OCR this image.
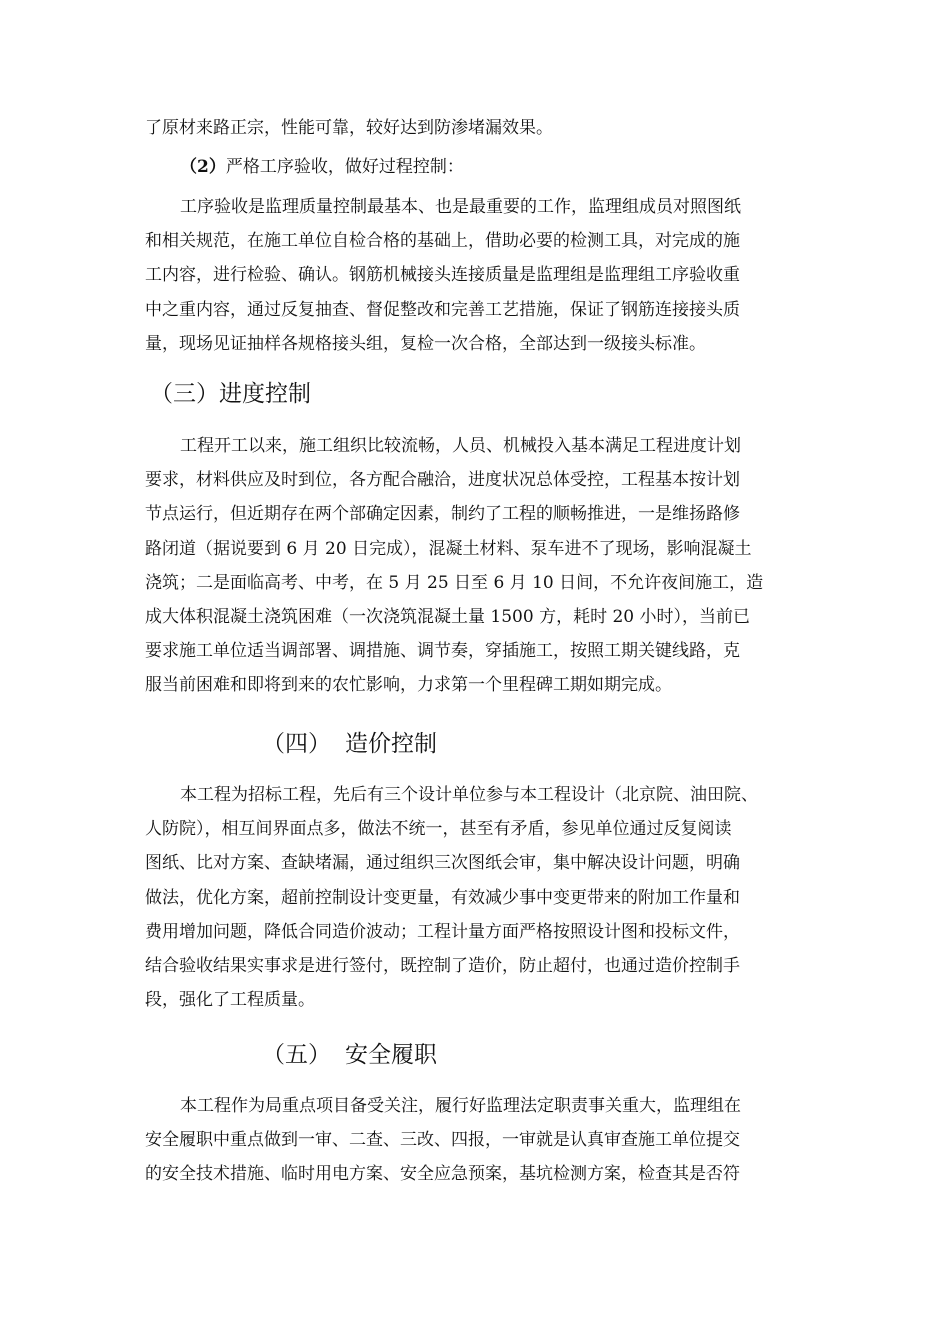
了原材来路正宗，性能可靠，较好达到防渗堵漏效果。

（2）严格工序验收，做好过程控制：

工序验收是监理质量控制最基本、也是最重要的工作，监理组成员对照图纸
和相关规范，在施工单位自检合格的基础上，借助必要的检测工具，对完成的施
工内容，进行检验、确认。钢筋机械接头连接质量是监理组是监理组工序验收重
中之重内容，通过反复抽查、督促整改和完善工艺措施，保证了钢筋连接接头质
量，现场见证抽样各规格接头组，复检一次合格，全部达到一级接头标准。

（三）进度控制

工程开工以来，施工组织比较流畅，人员、机械投入基本满足工程进度计划
要求，材料供应及时到位，各方配合融洽，进度状况总体受控，工程基本按计划
节点运行，但近期存在两个部确定因素，制约了工程的顺畅推进，一是维扬路修
路闭道（据说要到 6 月 20 日完成），混凝土材料、泵车进不了现场，影响混凝土
浇筑；二是面临高考、中考，在 5 月 25 日至 6 月 10 日间，不允许夜间施工，造
成大体积混凝土浇筑困难（一次浇筑混凝土量 1500 方，耗时 20 小时），当前已
要求施工单位适当调部署、调措施、调节奏，穿插施工，按照工期关键线路，克
服当前困难和即将到来的农忙影响，力求第一个里程碑工期如期完成。

（四） 造价控制

本工程为招标工程，先后有三个设计单位参与本工程设计（北京院、油田院、
人防院），相互间界面点多，做法不统一，甚至有矛盾，参见单位通过反复阅读
图纸、比对方案、查缺堵漏，通过组织三次图纸会审，集中解决设计问题，明确
做法，优化方案，超前控制设计变更量，有效减少事中变更带来的附加工作量和
费用增加问题，降低合同造价波动；工程计量方面严格按照设计图和投标文件，
结合验收结果实事求是进行签付，既控制了造价，防止超付，也通过造价控制手
段，强化了工程质量。

（五） 安全履职

本工程作为局重点项目备受关注，履行好监理法定职责事关重大，监理组在
安全履职中重点做到一审、二查、三改、四报，一审就是认真审查施工单位提交
的安全技术措施、临时用电方案、安全应急预案，基坑检测方案，检查其是否符
